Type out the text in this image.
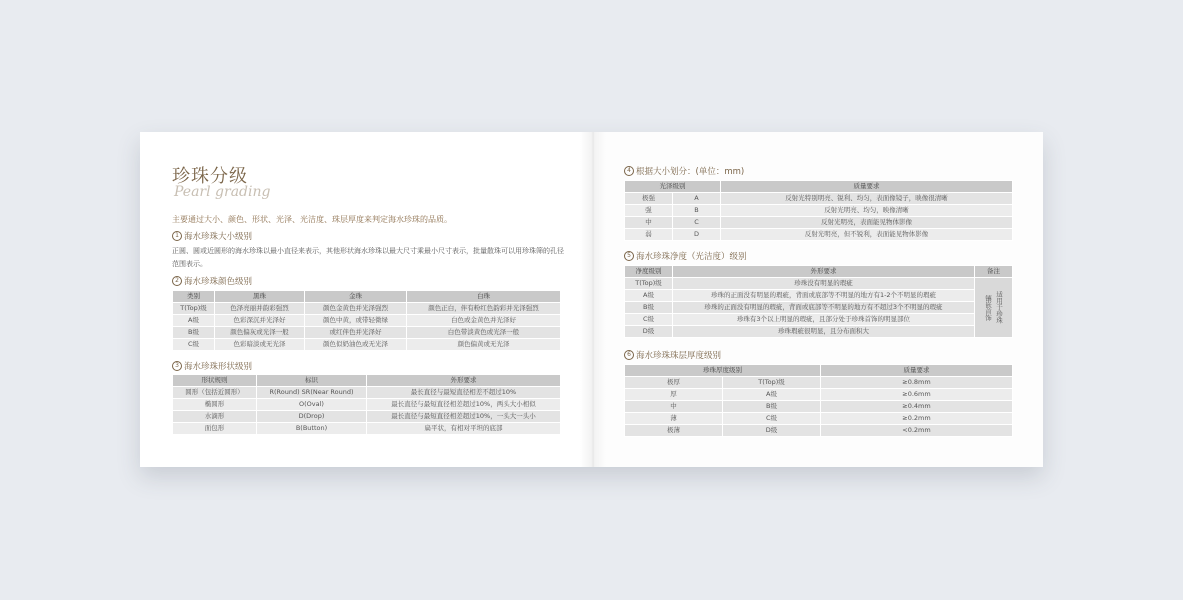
珍珠分级
Pearl grading
主要通过大小、颜色、形状、光泽、光洁度、珠层厚度来判定海水珍珠的品质。
1 海水珍珠大小级别
正圆、圆或近圆形的海水珍珠以最小直径来表示，其他形状海水珍珠以最大尺寸乘最小尺寸表示，批量散珠可以用珍珠筛的孔径范围表示。
2 海水珍珠颜色级别
类别	黑珠	金珠	白珠
T(Top)级	色泽亮丽并韵彩强烈	颜色金黄色并光泽强烈	颜色正白，伴有粉红色韵彩并光泽强烈
A级	色彩深沉并光泽好	颜色中黄，或带轻微绿	白色或金黄色并光泽好
B级	颜色偏灰或光泽一般	或红伴色并光泽好	白色带淡黄色或光泽一般
C级	色彩暗淡或无光泽	颜色似奶油色或无光泽	颜色偏黄或无光泽
3 海水珍珠形状级别
形状规则	标识	外形要求
圆形（包括近圆形）	R(Round) SR(Near Round)	最长直径与最短直径相差不超过10%
椭圆形	O(Oval)	最长直径与最短直径相差超过10%，两头大小相似
水滴形	D(Drop)	最长直径与最短直径相差超过10%，一头大一头小
面包形	B(Button)	扁平状，有相对平坦的底部
4 根据大小划分：(单位：mm)
光泽级别		质量要求
极强	A	反射光特别明亮、锐利、均匀，表面像镜子，映像很清晰
强	B	反射光明亮、均匀，映像清晰
中	C	反射光明亮，表面能见物体影像
弱	D	反射光明亮，但不锐利，表面能见物体影像
5 海水珍珠净度（光洁度）级别
净度级别	外形要求	备注
T(Top)级	珍珠没有明显的瑕疵	镶嵌首饰 适用于珍珠

A级	珍珠的正面没有明显的瑕疵，背面或底部等不明显的地方有1-2个不明显的瑕疵	
B级	珍珠的正面没有明显的瑕疵，背面或底部等不明显的地方有不超过3个不明显的瑕疵	
C级	珍珠有3个以上明显的瑕疵，且部分处于珍珠首饰的明显部位	
D级	珍珠瑕疵很明显，且分布面积大	
6 海水珍珠珠层厚度级别
珍珠厚度级别		质量要求
极厚	T(Top)级	≥0.8mm
厚	A级	≥0.6mm
中	B级	≥0.4mm
薄	C级	≥0.2mm
极薄	D级	<0.2mm
